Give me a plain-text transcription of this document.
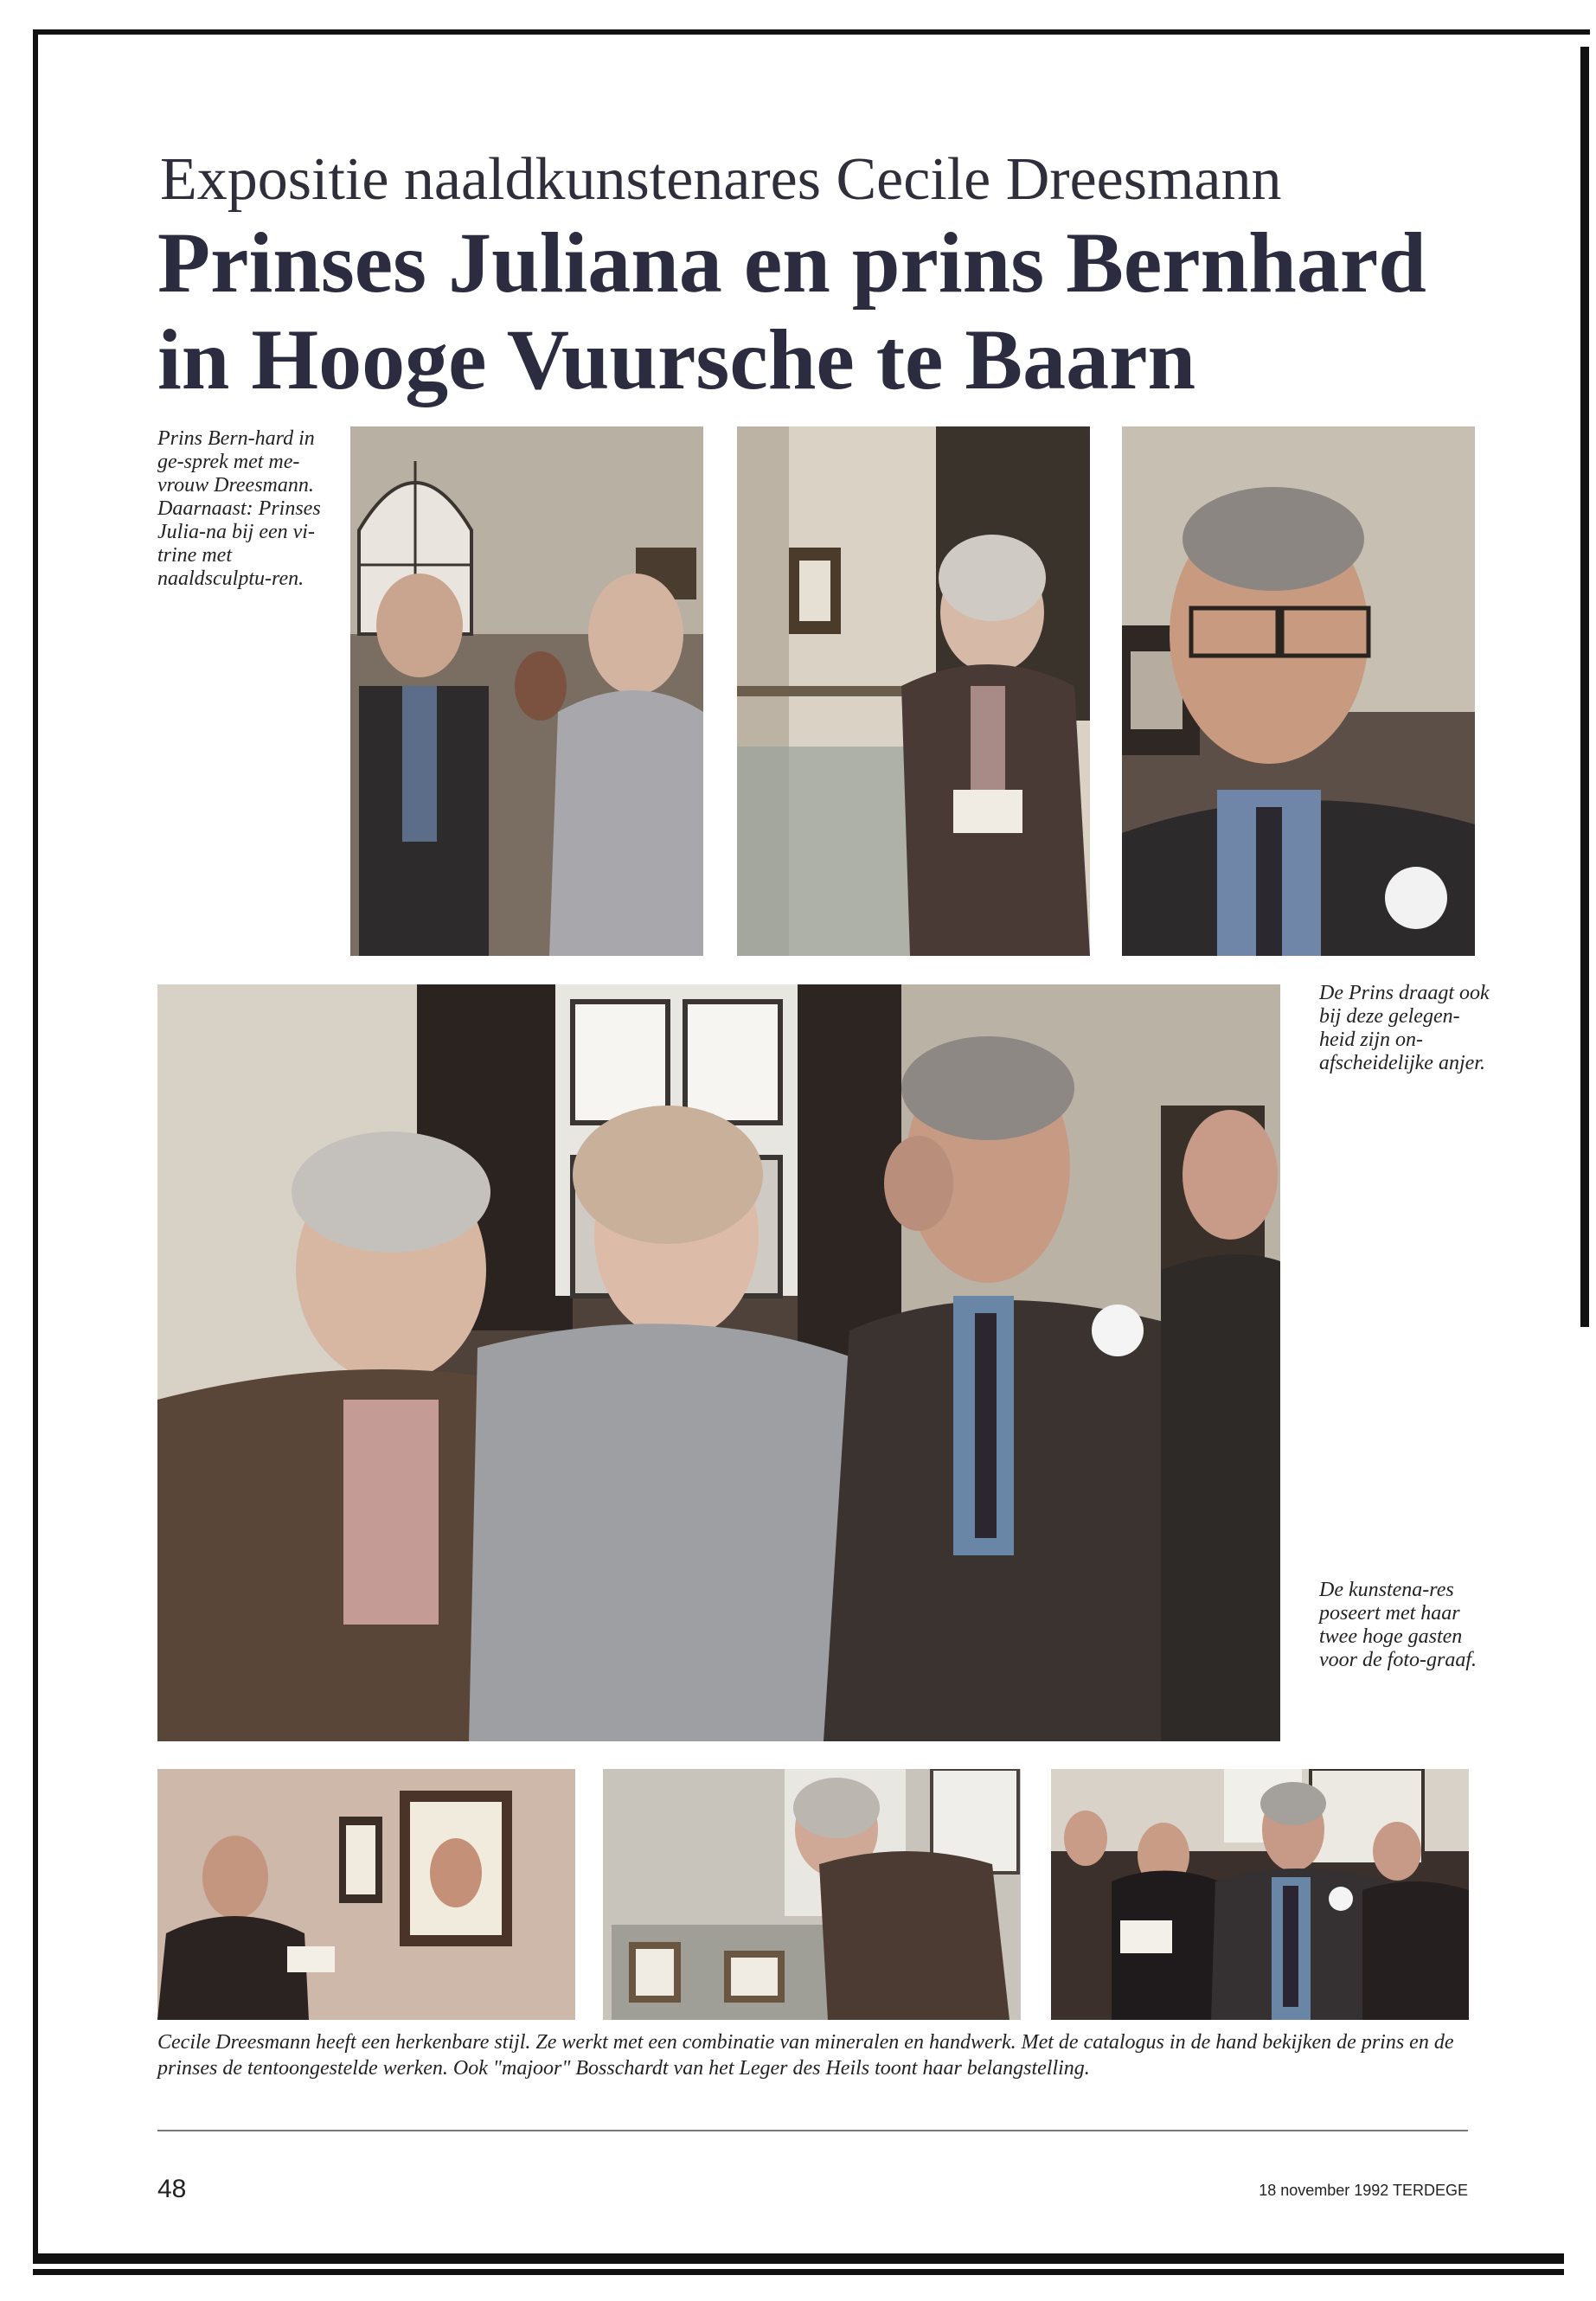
Expositie naaldkunstenares Cecile Dreesmann
Prinses Juliana en prins Bernhard
in Hooge Vuursche te Baarn
Prins Bern-hard in ge-sprek met me-vrouw Dreesmann. Daarnaast: Prinses Julia-na bij een vi-trine met naaldsculptu-ren.
De Prins draagt ook bij deze gelegen-heid zijn on-afscheidelijke anjer.
De kunstena-res poseert met haar twee hoge gasten voor de foto-graaf.
Cecile Dreesmann heeft een herkenbare stijl. Ze werkt met een combinatie van mineralen en handwerk. Met de catalogus in de hand bekijken de prins en de prinses de tentoongestelde werken. Ook "majoor" Bosschardt van het Leger des Heils toont haar belangstelling.
48	18 november 1992 TERDEGE
